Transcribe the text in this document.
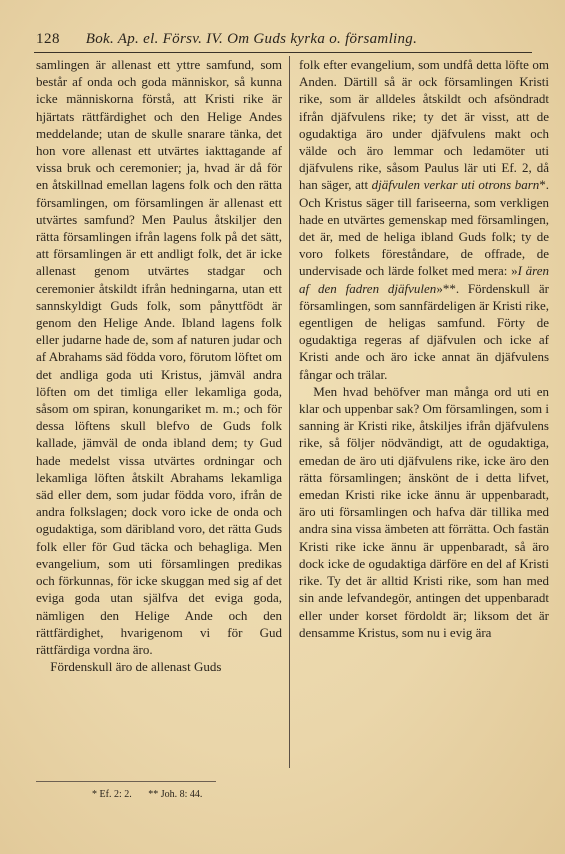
128 Bok. Ap. el. Försv. IV. Om Guds kyrka o. församling.

samlingen är allenast ett yttre samfund, som består af onda och goda människor, så kunna icke människorna förstå, att Kristi rike är hjärtats rättfärdighet och den Helige Andes meddelande; utan de skulle snarare tänka, det hon vore allenast ett utvärtes iakttagande af vissa bruk och ceremonier; ja, hvad är då för en åtskillnad emellan lagens folk och den rätta församlingen, om församlingen är allenast ett utvärtes samfund? Men Paulus åtskiljer den rätta församlingen ifrån lagens folk på det sätt, att församlingen är ett andligt folk, det är icke allenast genom utvärtes stadgar och ceremonier åtskildt ifrån hedningarna, utan ett sannskyldigt Guds folk, som pånyttfödt är genom den Helige Ande. Ibland lagens folk eller judarne hade de, som af naturen judar och af Abrahams säd födda voro, förutom löftet om det andliga goda uti Kristus, jämväl andra löften om det timliga eller lekamliga goda, såsom om spiran, konungariket m. m.; och för dessa löftens skull blefvo de Guds folk kallade, jämväl de onda ibland dem; ty Gud hade medelst vissa utvärtes ordningar och lekamliga löften åtskilt Abrahams lekamliga säd eller dem, som judar födda voro, ifrån de andra folkslagen; dock voro icke de onda och ogudaktiga, som däribland voro, det rätta Guds folk eller för Gud täcka och behagliga. Men evangelium, som uti församlingen predikas och förkunnas, för icke skuggan med sig af det eviga goda utan själfva det eviga goda, nämligen den Helige Ande och den rättfärdighet, hvarigenom vi för Gud rättfärdiga vordna äro.

Fördenskull äro de allenast Guds

folk efter evangelium, som undfå detta löfte om Anden. Därtill så är ock församlingen Kristi rike, som är alldeles åtskildt och afsöndradt ifrån djäfvulens rike; ty det är visst, att de ogudaktiga äro under djäfvulens makt och välde och äro lemmar och ledamöter uti djäfvulens rike, såsom Paulus lär uti Ef. 2, då han säger, att djäfvulen verkar uti otrons barn*. Och Kristus säger till fariseerna, som verkligen hade en utvärtes gemenskap med församlingen, det är, med de heliga ibland Guds folk; ty de voro folkets föreståndare, de offrade, de undervisade och lärde folket med mera: »I ären af den fadren djäfvulen»**. Fördenskull är församlingen, som sannfärdeligen är Kristi rike, egentligen de heligas samfund. Förty de ogudaktiga regeras af djäfvulen och icke af Kristi ande och äro icke annat än djäfvulens fångar och trälar.

Men hvad behöfver man många ord uti en klar och uppenbar sak? Om församlingen, som i sanning är Kristi rike, åtskiljes ifrån djäfvulens rike, så följer nödvändigt, att de ogudaktiga, emedan de äro uti djäfvulens rike, icke äro den rätta församlingen; änskönt de i detta lifvet, emedan Kristi rike icke ännu är uppenbaradt, äro uti församlingen och hafva där tillika med andra sina vissa ämbeten att förrätta. Och fastän Kristi rike icke ännu är uppenbaradt, så äro dock icke de ogudaktiga därföre en del af Kristi rike. Ty det är alltid Kristi rike, som han med sin ande lefvandegör, antingen det uppenbaradt eller under korset fördoldt är; liksom det är densamme Kristus, som nu i evig ära

* Ef. 2: 2. ** Joh. 8: 44.
